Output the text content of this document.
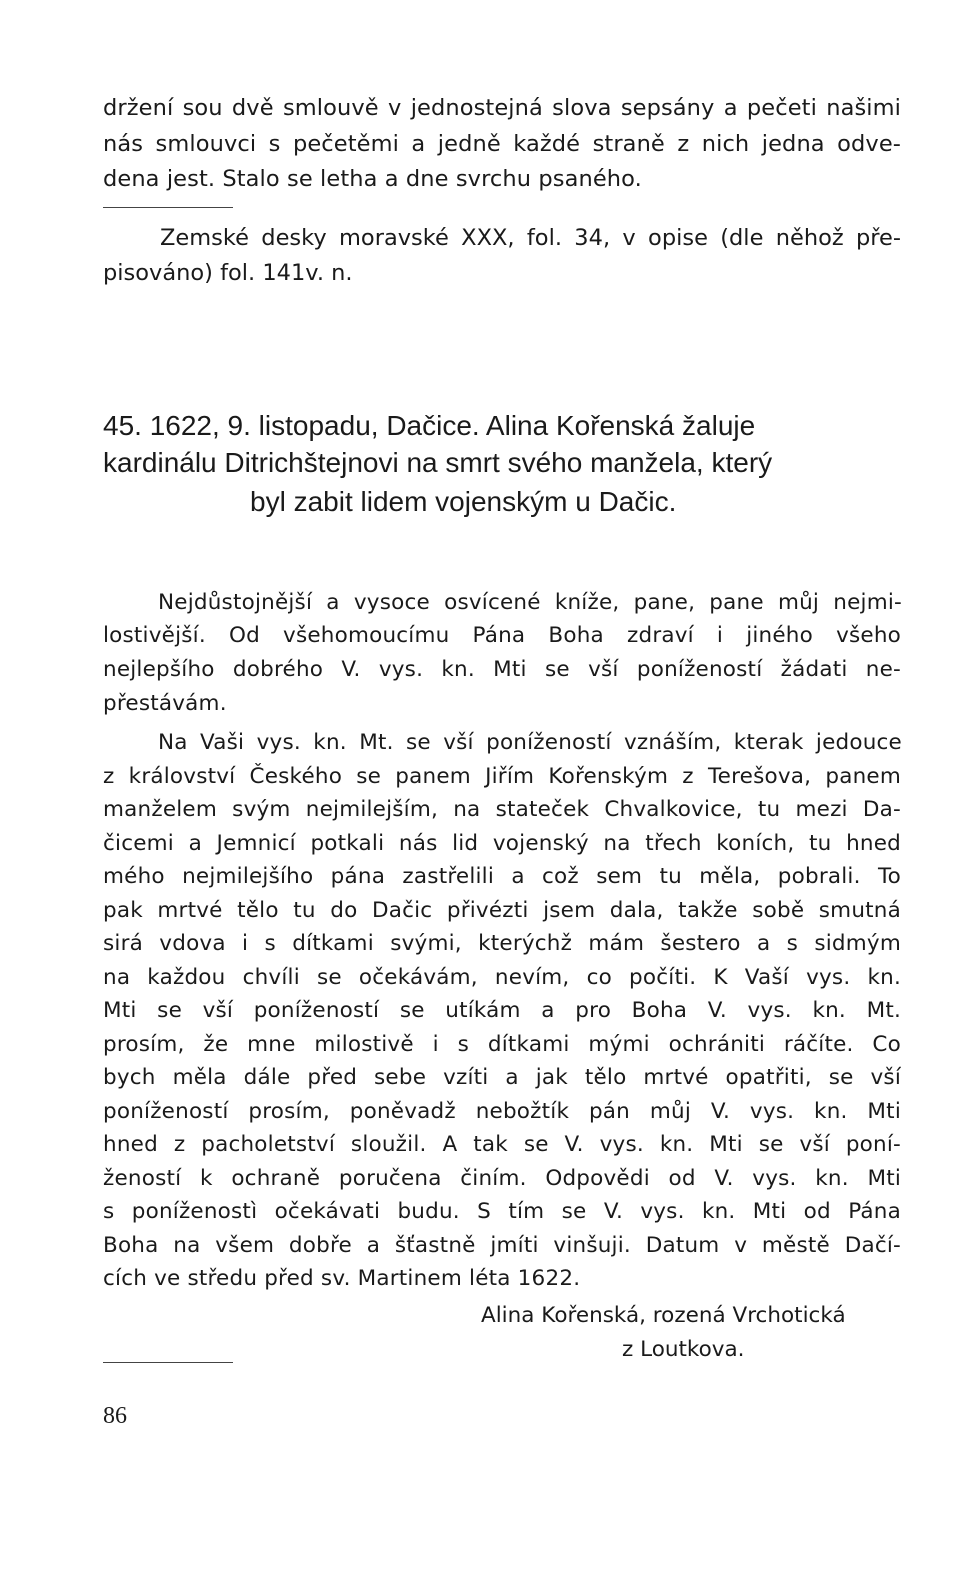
držení sou dvě smlouvě v jednostejná slova sepsány a pečeti našimi
nás smlouvci s pečetěmi a jedně každé straně z nich jedna odve-
dena jest. Stalo se letha a dne svrchu psaného.
Zemské desky moravské XXX, fol. 34, v opise (dle něhož pře-
pisováno) fol. 141v. n.
45. 1622, 9. listopadu, Dačice. Alina Kořenská žaluje
kardinálu Ditrichštejnovi na smrt svého manžela, který
byl zabit lidem vojenským u Dačic.
Nejdůstojnější a vysoce osvícené kníže, pane, pane můj nejmi-
lostivější. Od všehomoucímu Pána Boha zdraví i jiného všeho
nejlepšího dobrého V. vys. kn. Mti se vší ponížeností žádati ne-
přestávám.
Na Vaši vys. kn. Mt. se vší ponížeností vznáším, kterak jedouce
z království Českého se panem Jiřím Kořenským z Terešova, panem
manželem svým nejmilejším, na stateček Chvalkovice, tu mezi Da-
čicemi a Jemnicí potkali nás lid vojenský na třech koních, tu hned
mého nejmilejšího pána zastřelili a což sem tu měla, pobrali. To
pak mrtvé tělo tu do Dačic přivézti jsem dala, takže sobě smutná
sirá vdova i s dítkami svými, kterýchž mám šestero a s sidmým
na každou chvíli se očekávám, nevím, co počíti. K Vaší vys. kn.
Mti se vší ponížeností se utíkám a pro Boha V. vys. kn. Mt.
prosím, že mne milostivě i s dítkami mými ochrániti ráčíte. Co
bych měla dále před sebe vzíti a jak tělo mrtvé opatřiti, se vší
ponížeností prosím, poněvadž nebožtík pán můj V. vys. kn. Mti
hned z pacholetství sloužil. A tak se V. vys. kn. Mti se vší poní-
žeností k ochraně poručena činím. Odpovědi od V. vys. kn. Mti
s poníženostì očekávati budu. S tím se V. vys. kn. Mti od Pána
Boha na všem dobře a šťastně jmíti vinšuji. Datum v městě Dačí-
cích ve středu před sv. Martinem léta 1622.
Alina Kořenská, rozená Vrchotická
z Loutkova.
86
